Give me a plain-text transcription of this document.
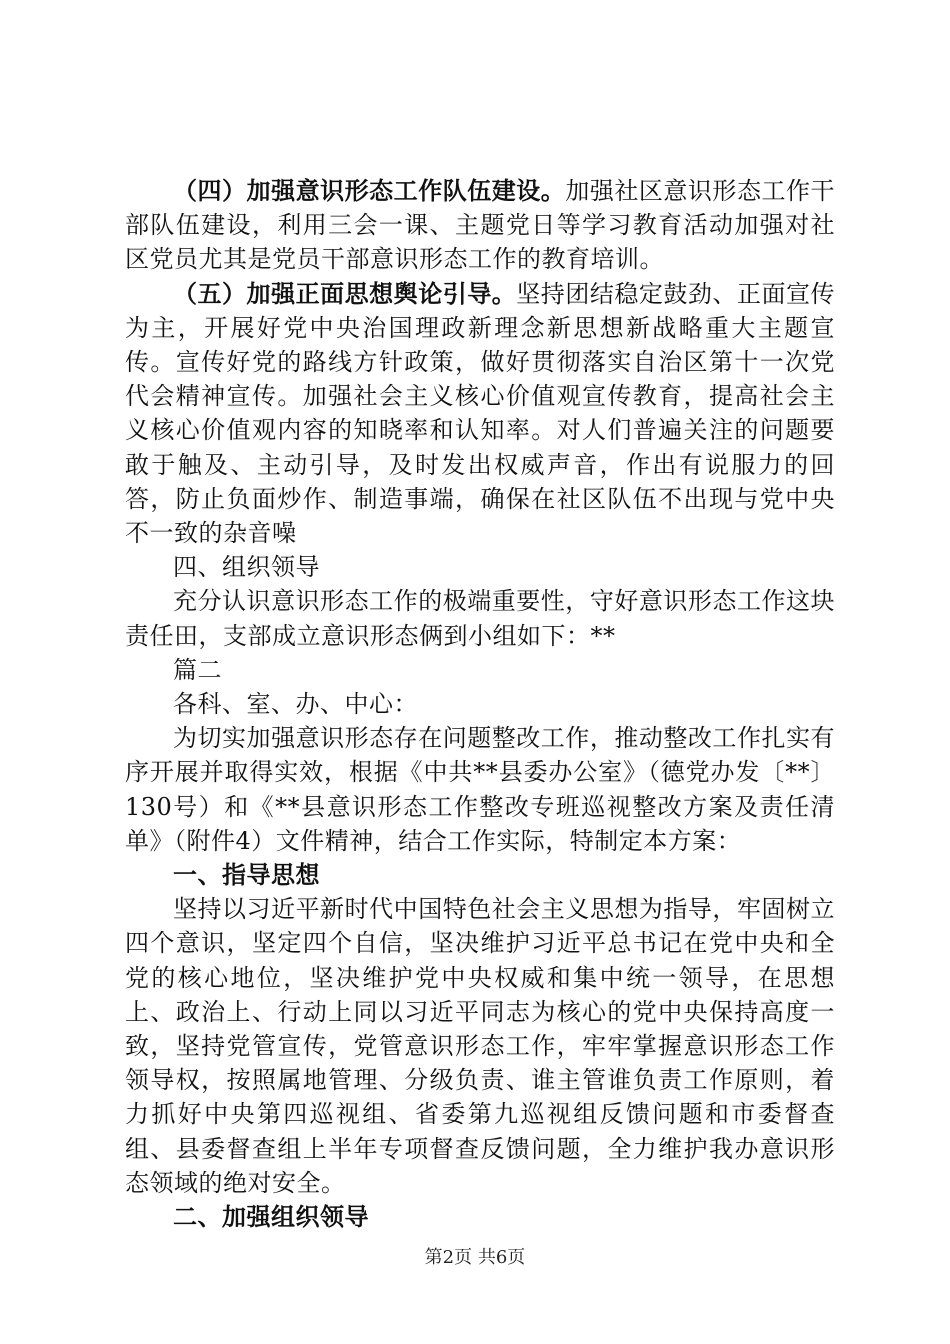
（四）加强意识形态工作队伍建设。加强社区意识形态工作干部队伍建设，利用三会一课、主题党日等学习教育活动加强对社区党员尤其是党员干部意识形态工作的教育培训。

（五）加强正面思想舆论引导。坚持团结稳定鼓劲、正面宣传为主，开展好党中央治国理政新理念新思想新战略重大主题宣传。宣传好党的路线方针政策，做好贯彻落实自治区第十一次党代会精神宣传。加强社会主义核心价值观宣传教育，提高社会主义核心价值观内容的知晓率和认知率。对人们普遍关注的问题要敢于触及、主动引导，及时发出权威声音，作出有说服力的回答，防止负面炒作、制造事端，确保在社区队伍不出现与党中央不一致的杂音噪

四、组织领导

充分认识意识形态工作的极端重要性，守好意识形态工作这块责任田，支部成立意识形态俩到小组如下：**

篇二

各科、室、办、中心：

为切实加强意识形态存在问题整改工作，推动整改工作扎实有序开展并取得实效，根据《中共**县委办公室》（德党办发〔**〕130号）和《**县意识形态工作整改专班巡视整改方案及责任清单》（附件4）文件精神，结合工作实际，特制定本方案：

一、指导思想

坚持以习近平新时代中国特色社会主义思想为指导，牢固树立四个意识，坚定四个自信，坚决维护习近平总书记在党中央和全党的核心地位，坚决维护党中央权威和集中统一领导，在思想上、政治上、行动上同以习近平同志为核心的党中央保持高度一致，坚持党管宣传，党管意识形态工作，牢牢掌握意识形态工作领导权，按照属地管理、分级负责、谁主管谁负责工作原则，着力抓好中央第四巡视组、省委第九巡视组反馈问题和市委督查组、县委督查组上半年专项督查反馈问题，全力维护我办意识形态领域的绝对安全。

二、加强组织领导

第2页 共6页
